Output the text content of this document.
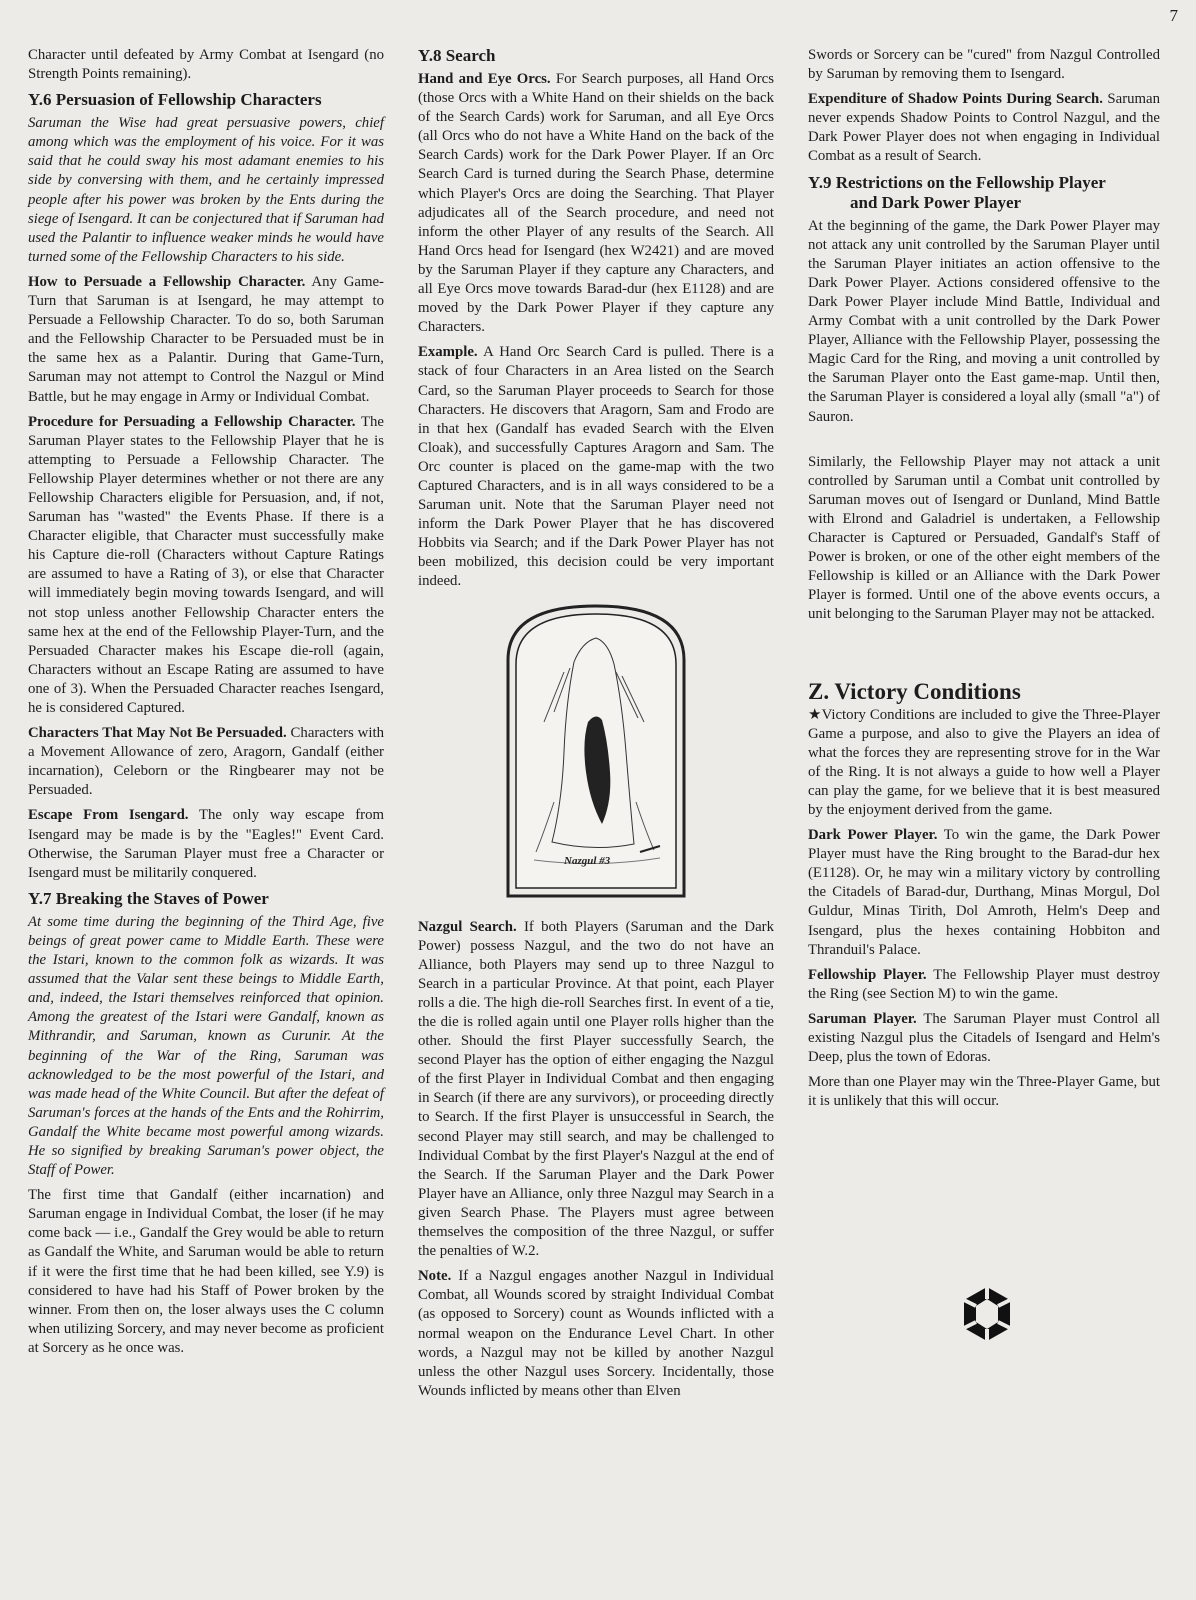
7

Character until defeated by Army Combat at Isengard (no Strength Points remaining).

Y.6 Persuasion of Fellowship Characters

Saruman the Wise had great persuasive powers, chief among which was the employment of his voice. For it was said that he could sway his most adamant enemies to his side by conversing with them, and he certainly impressed people after his power was broken by the Ents during the siege of Isengard. It can be conjectured that if Saruman had used the Palantir to influence weaker minds he would have turned some of the Fellowship Characters to his side.

How to Persuade a Fellowship Character. Any Game-Turn that Saruman is at Isengard, he may attempt to Persuade a Fellowship Character. To do so, both Saruman and the Fellowship Character to be Persuaded must be in the same hex as a Palantir. During that Game-Turn, Saruman may not attempt to Control the Nazgul or Mind Battle, but he may engage in Army or Individual Combat.

Procedure for Persuading a Fellowship Character. The Saruman Player states to the Fellowship Player that he is attempting to Persuade a Fellowship Character. The Fellowship Player determines whether or not there are any Fellowship Characters eligible for Persuasion, and, if not, Saruman has "wasted" the Events Phase. If there is a Character eligible, that Character must successfully make his Capture die-roll (Characters without Capture Ratings are assumed to have a Rating of 3), or else that Character will immediately begin moving towards Isengard, and will not stop unless another Fellowship Character enters the same hex at the end of the Fellowship Player-Turn, and the Persuaded Character makes his Escape die-roll (again, Characters without an Escape Rating are assumed to have one of 3). When the Persuaded Character reaches Isengard, he is considered Captured.

Characters That May Not Be Persuaded. Characters with a Movement Allowance of zero, Aragorn, Gandalf (either incarnation), Celeborn or the Ringbearer may not be Persuaded.

Escape From Isengard. The only way escape from Isengard may be made is by the "Eagles!" Event Card. Otherwise, the Saruman Player must free a Character or Isengard must be militarily conquered.

Y.7 Breaking the Staves of Power

At some time during the beginning of the Third Age, five beings of great power came to Middle Earth. These were the Istari, known to the common folk as wizards. It was assumed that the Valar sent these beings to Middle Earth, and, indeed, the Istari themselves reinforced that opinion. Among the greatest of the Istari were Gandalf, known as Mithrandir, and Saruman, known as Curunir. At the beginning of the War of the Ring, Saruman was acknowledged to be the most powerful of the Istari, and was made head of the White Council. But after the defeat of Saruman's forces at the hands of the Ents and the Rohirrim, Gandalf the White became most powerful among wizards. He so signified by breaking Saruman's power object, the Staff of Power.

The first time that Gandalf (either incarnation) and Saruman engage in Individual Combat, the loser (if he may come back — i.e., Gandalf the Grey would be able to return as Gandalf the White, and Saruman would be able to return if it were the first time that he had been killed, see Y.9) is considered to have had his Staff of Power broken by the winner. From then on, the loser always uses the C column when utilizing Sorcery, and may never become as proficient at Sorcery as he once was.

Y.8 Search

Hand and Eye Orcs. For Search purposes, all Hand Orcs (those Orcs with a White Hand on their shields on the back of the Search Cards) work for Saruman, and all Eye Orcs (all Orcs who do not have a White Hand on the back of the Search Cards) work for the Dark Power Player. If an Orc Search Card is turned during the Search Phase, determine which Player's Orcs are doing the Searching. That Player adjudicates all of the Search procedure, and need not inform the other Player of any results of the Search. All Hand Orcs head for Isengard (hex W2421) and are moved by the Saruman Player if they capture any Characters, and all Eye Orcs move towards Barad-dur (hex E1128) and are moved by the Dark Power Player if they capture any Characters.

Example. A Hand Orc Search Card is pulled. There is a stack of four Characters in an Area listed on the Search Card, so the Saruman Player proceeds to Search for those Characters. He discovers that Aragorn, Sam and Frodo are in that hex (Gandalf has evaded Search with the Elven Cloak), and successfully Captures Aragorn and Sam. The Orc counter is placed on the game-map with the two Captured Characters, and is in all ways considered to be a Saruman unit. Note that the Saruman Player need not inform the Dark Power Player that he has discovered Hobbits via Search; and if the Dark Power Player has not been mobilized, this decision could be very important indeed.

Nazgul #3

Nazgul Search. If both Players (Saruman and the Dark Power) possess Nazgul, and the two do not have an Alliance, both Players may send up to three Nazgul to Search in a particular Province. At that point, each Player rolls a die. The high die-roll Searches first. In event of a tie, the die is rolled again until one Player rolls higher than the other. Should the first Player successfully Search, the second Player has the option of either engaging the Nazgul of the first Player in Individual Combat and then engaging in Search (if there are any survivors), or proceeding directly to Search. If the first Player is unsuccessful in Search, the second Player may still search, and may be challenged to Individual Combat by the first Player's Nazgul at the end of the Search. If the Saruman Player and the Dark Power Player have an Alliance, only three Nazgul may Search in a given Search Phase. The Players must agree between themselves the composition of the three Nazgul, or suffer the penalties of W.2.

Note. If a Nazgul engages another Nazgul in Individual Combat, all Wounds scored by straight Individual Combat (as opposed to Sorcery) count as Wounds inflicted with a normal weapon on the Endurance Level Chart. In other words, a Nazgul may not be killed by another Nazgul unless the other Nazgul uses Sorcery. Incidentally, those Wounds inflicted by means other than Elven

Swords or Sorcery can be "cured" from Nazgul Controlled by Saruman by removing them to Isengard.

Expenditure of Shadow Points During Search. Saruman never expends Shadow Points to Control Nazgul, and the Dark Power Player does not when engaging in Individual Combat as a result of Search.

Y.9 Restrictions on the Fellowship Player
and Dark Power Player

At the beginning of the game, the Dark Power Player may not attack any unit controlled by the Saruman Player until the Saruman Player initiates an action offensive to the Dark Power Player. Actions considered offensive to the Dark Power Player include Mind Battle, Individual and Army Combat with a unit controlled by the Dark Power Player, Alliance with the Fellowship Player, possessing the Magic Card for the Ring, and moving a unit controlled by the Saruman Player onto the East game-map. Until then, the Saruman Player is considered a loyal ally (small "a") of Sauron.

Similarly, the Fellowship Player may not attack a unit controlled by Saruman until a Combat unit controlled by Saruman moves out of Isengard or Dunland, Mind Battle with Elrond and Galadriel is undertaken, a Fellowship Character is Captured or Persuaded, Gandalf's Staff of Power is broken, or one of the other eight members of the Fellowship is killed or an Alliance with the Dark Power Player is formed. Until one of the above events occurs, a unit belonging to the Saruman Player may not be attacked.

Z. Victory Conditions

★Victory Conditions are included to give the Three-Player Game a purpose, and also to give the Players an idea of what the forces they are representing strove for in the War of the Ring. It is not always a guide to how well a Player can play the game, for we believe that it is best measured by the enjoyment derived from the game.

Dark Power Player. To win the game, the Dark Power Player must have the Ring brought to the Barad-dur hex (E1128). Or, he may win a military victory by controlling the Citadels of Barad-dur, Durthang, Minas Morgul, Dol Guldur, Minas Tirith, Dol Amroth, Helm's Deep and Isengard, plus the hexes containing Hobbiton and Thranduil's Palace.

Fellowship Player. The Fellowship Player must destroy the Ring (see Section M) to win the game.

Saruman Player. The Saruman Player must Control all existing Nazgul plus the Citadels of Isengard and Helm's Deep, plus the town of Edoras.

More than one Player may win the Three-Player Game, but it is unlikely that this will occur.
